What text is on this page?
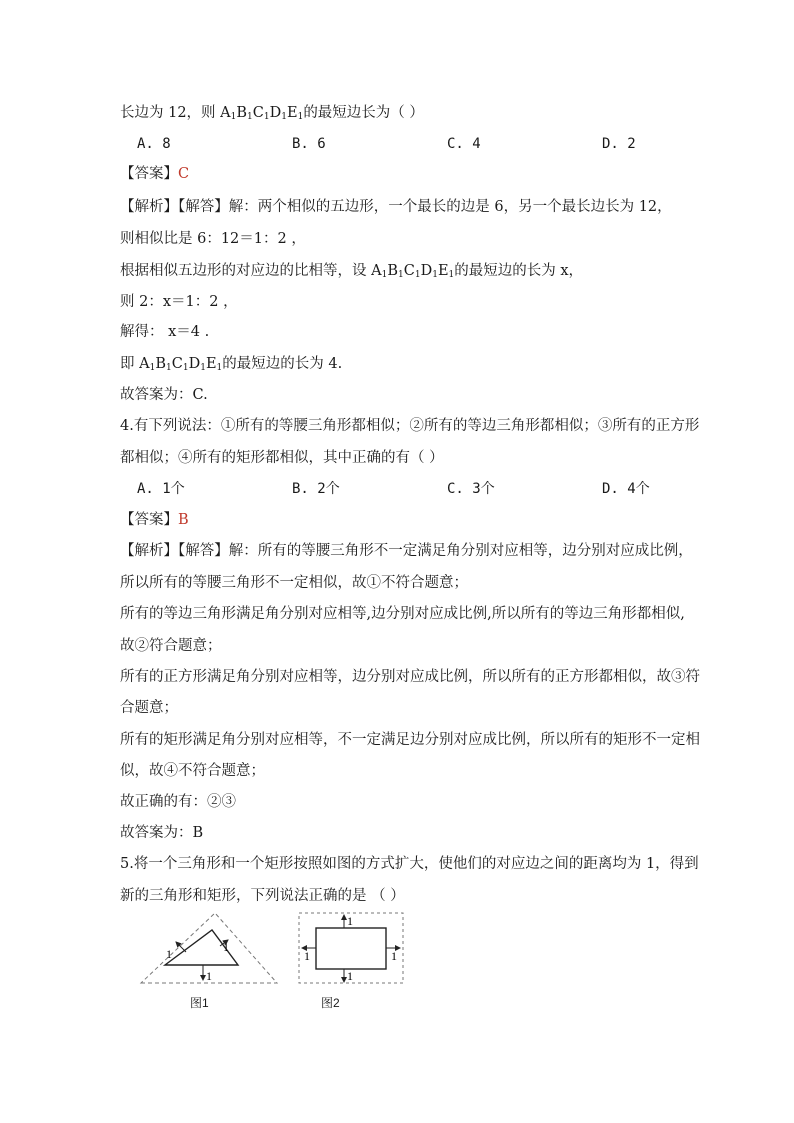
长边为 12，则 $A_1B_1C_1D_1E_1$的最短边长为（ ）
A. 8	B. 6	C. 4	D. 2
【答案】C
【解析】【解答】解：两个相似的五边形，一个最长的边是 6，另一个最长边长为 12，
则相似比是 6：12＝1：2 ，
根据相似五边形的对应边的比相等，设 $A_1B_1C_1D_1E_1$的最短边的长为 x，
则 2：x＝1：2 ，
解得： x＝4 .
即 $A_1B_1C_1D_1E_1$的最短边的长为 4.
故答案为：C.
4.有下列说法：①所有的等腰三角形都相似；②所有的等边三角形都相似；③所有的正方形
都相似；④所有的矩形都相似，其中正确的有（ ）
A. 1个	B. 2个	C. 3个	D. 4个
【答案】B
【解析】【解答】解：所有的等腰三角形不一定满足角分别对应相等，边分别对应成比例，
所以所有的等腰三角形不一定相似，故①不符合题意；
所有的等边三角形满足角分别对应相等,边分别对应成比例,所以所有的等边三角形都相似,
故②符合题意；
所有的正方形满足角分别对应相等，边分别对应成比例，所以所有的正方形都相似，故③符
合题意；
所有的矩形满足角分别对应相等，不一定满足边分别对应成比例，所以所有的矩形不一定相
似，故④不符合题意；
故正确的有：②③
故答案为：B
5.将一个三角形和一个矩形按照如图的方式扩大，使他们的对应边之间的距离均为 1，得到
新的三角形和矩形，下列说法正确的是 （ ）
1	1
1
1
1
1	1
图1	图2
